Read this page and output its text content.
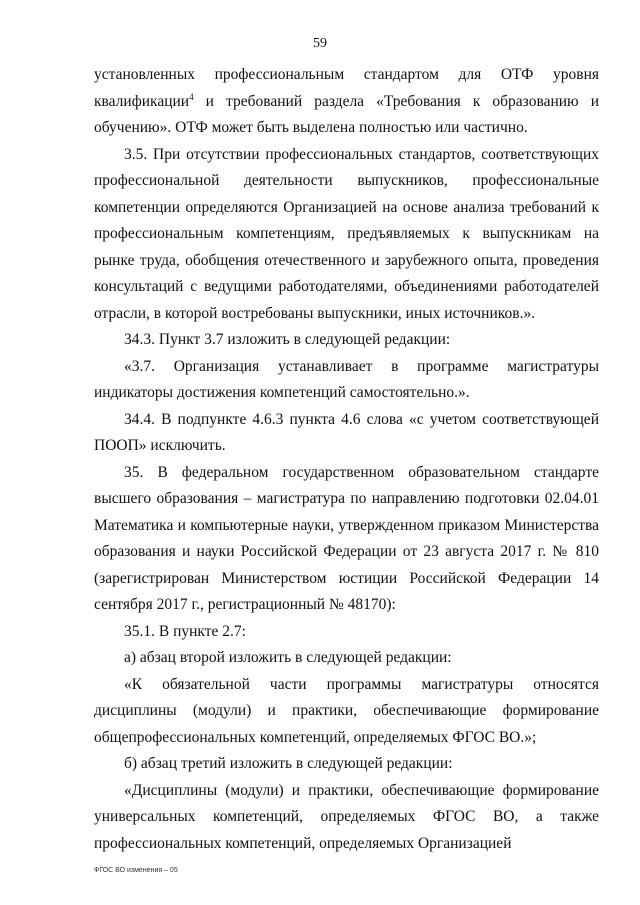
59

установленных профессиональным стандартом для ОТФ уровня квалификации$^4$ и требований раздела «Требования к образованию и обучению». ОТФ может быть выделена полностью или частично.

3.5. При отсутствии профессиональных стандартов, соответствующих профессиональной деятельности выпускников, профессиональные компетенции определяются Организацией на основе анализа требований к профессиональным компетенциям, предъявляемых к выпускникам на рынке труда, обобщения отечественного и зарубежного опыта, проведения консультаций с ведущими работодателями, объединениями работодателей отрасли, в которой востребованы выпускники, иных источников.».

34.3. Пункт 3.7 изложить в следующей редакции:

«3.7. Организация устанавливает в программе магистратуры индикаторы достижения компетенций самостоятельно.».

34.4. В подпункте 4.6.3 пункта 4.6 слова «с учетом соответствующей ПООП» исключить.

35. В федеральном государственном образовательном стандарте высшего образования – магистратура по направлению подготовки 02.04.01 Математика и компьютерные науки, утвержденном приказом Министерства образования и науки Российской Федерации от 23 августа 2017 г. № 810 (зарегистрирован Министерством юстиции Российской Федерации 14 сентября 2017 г., регистрационный № 48170):

35.1. В пункте 2.7:

а) абзац второй изложить в следующей редакции:

«К обязательной части программы магистратуры относятся дисциплины (модули) и практики, обеспечивающие формирование общепрофессиональных компетенций, определяемых ФГОС ВО.»;

б) абзац третий изложить в следующей редакции:

«Дисциплины (модули) и практики, обеспечивающие формирование универсальных компетенций, определяемых ФГОС ВО, а также профессиональных компетенций, определяемых Организацией

ФГОС ВО изменения – 05
